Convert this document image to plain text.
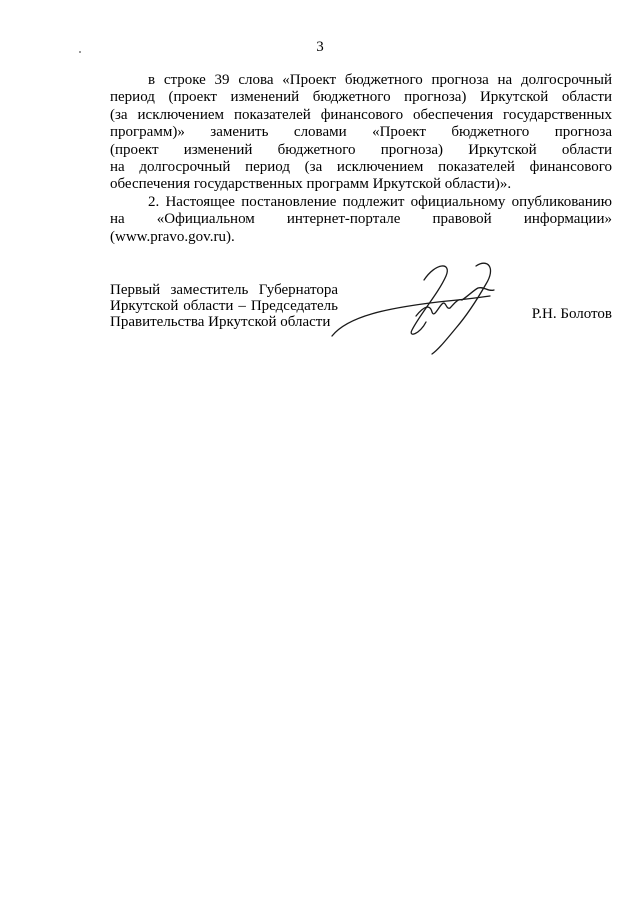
3

в строке 39 слова «Проект бюджетного прогноза на долгосрочный
период (проект изменений бюджетного прогноза) Иркутской области
(за исключением показателей финансового обеспечения государственных
программ)» заменить словами «Проект бюджетного прогноза
(проект изменений бюджетного прогноза) Иркутской области
на долгосрочный период (за исключением показателей финансового
обеспечения государственных программ Иркутской области)».

2. Настоящее постановление подлежит официальному опубликованию
на «Официальном интернет-портале правовой информации»
(www.pravo.gov.ru).

Первый заместитель Губернатора
Иркутской области – Председатель
Правительства Иркутской области	Р.Н. Болотов
